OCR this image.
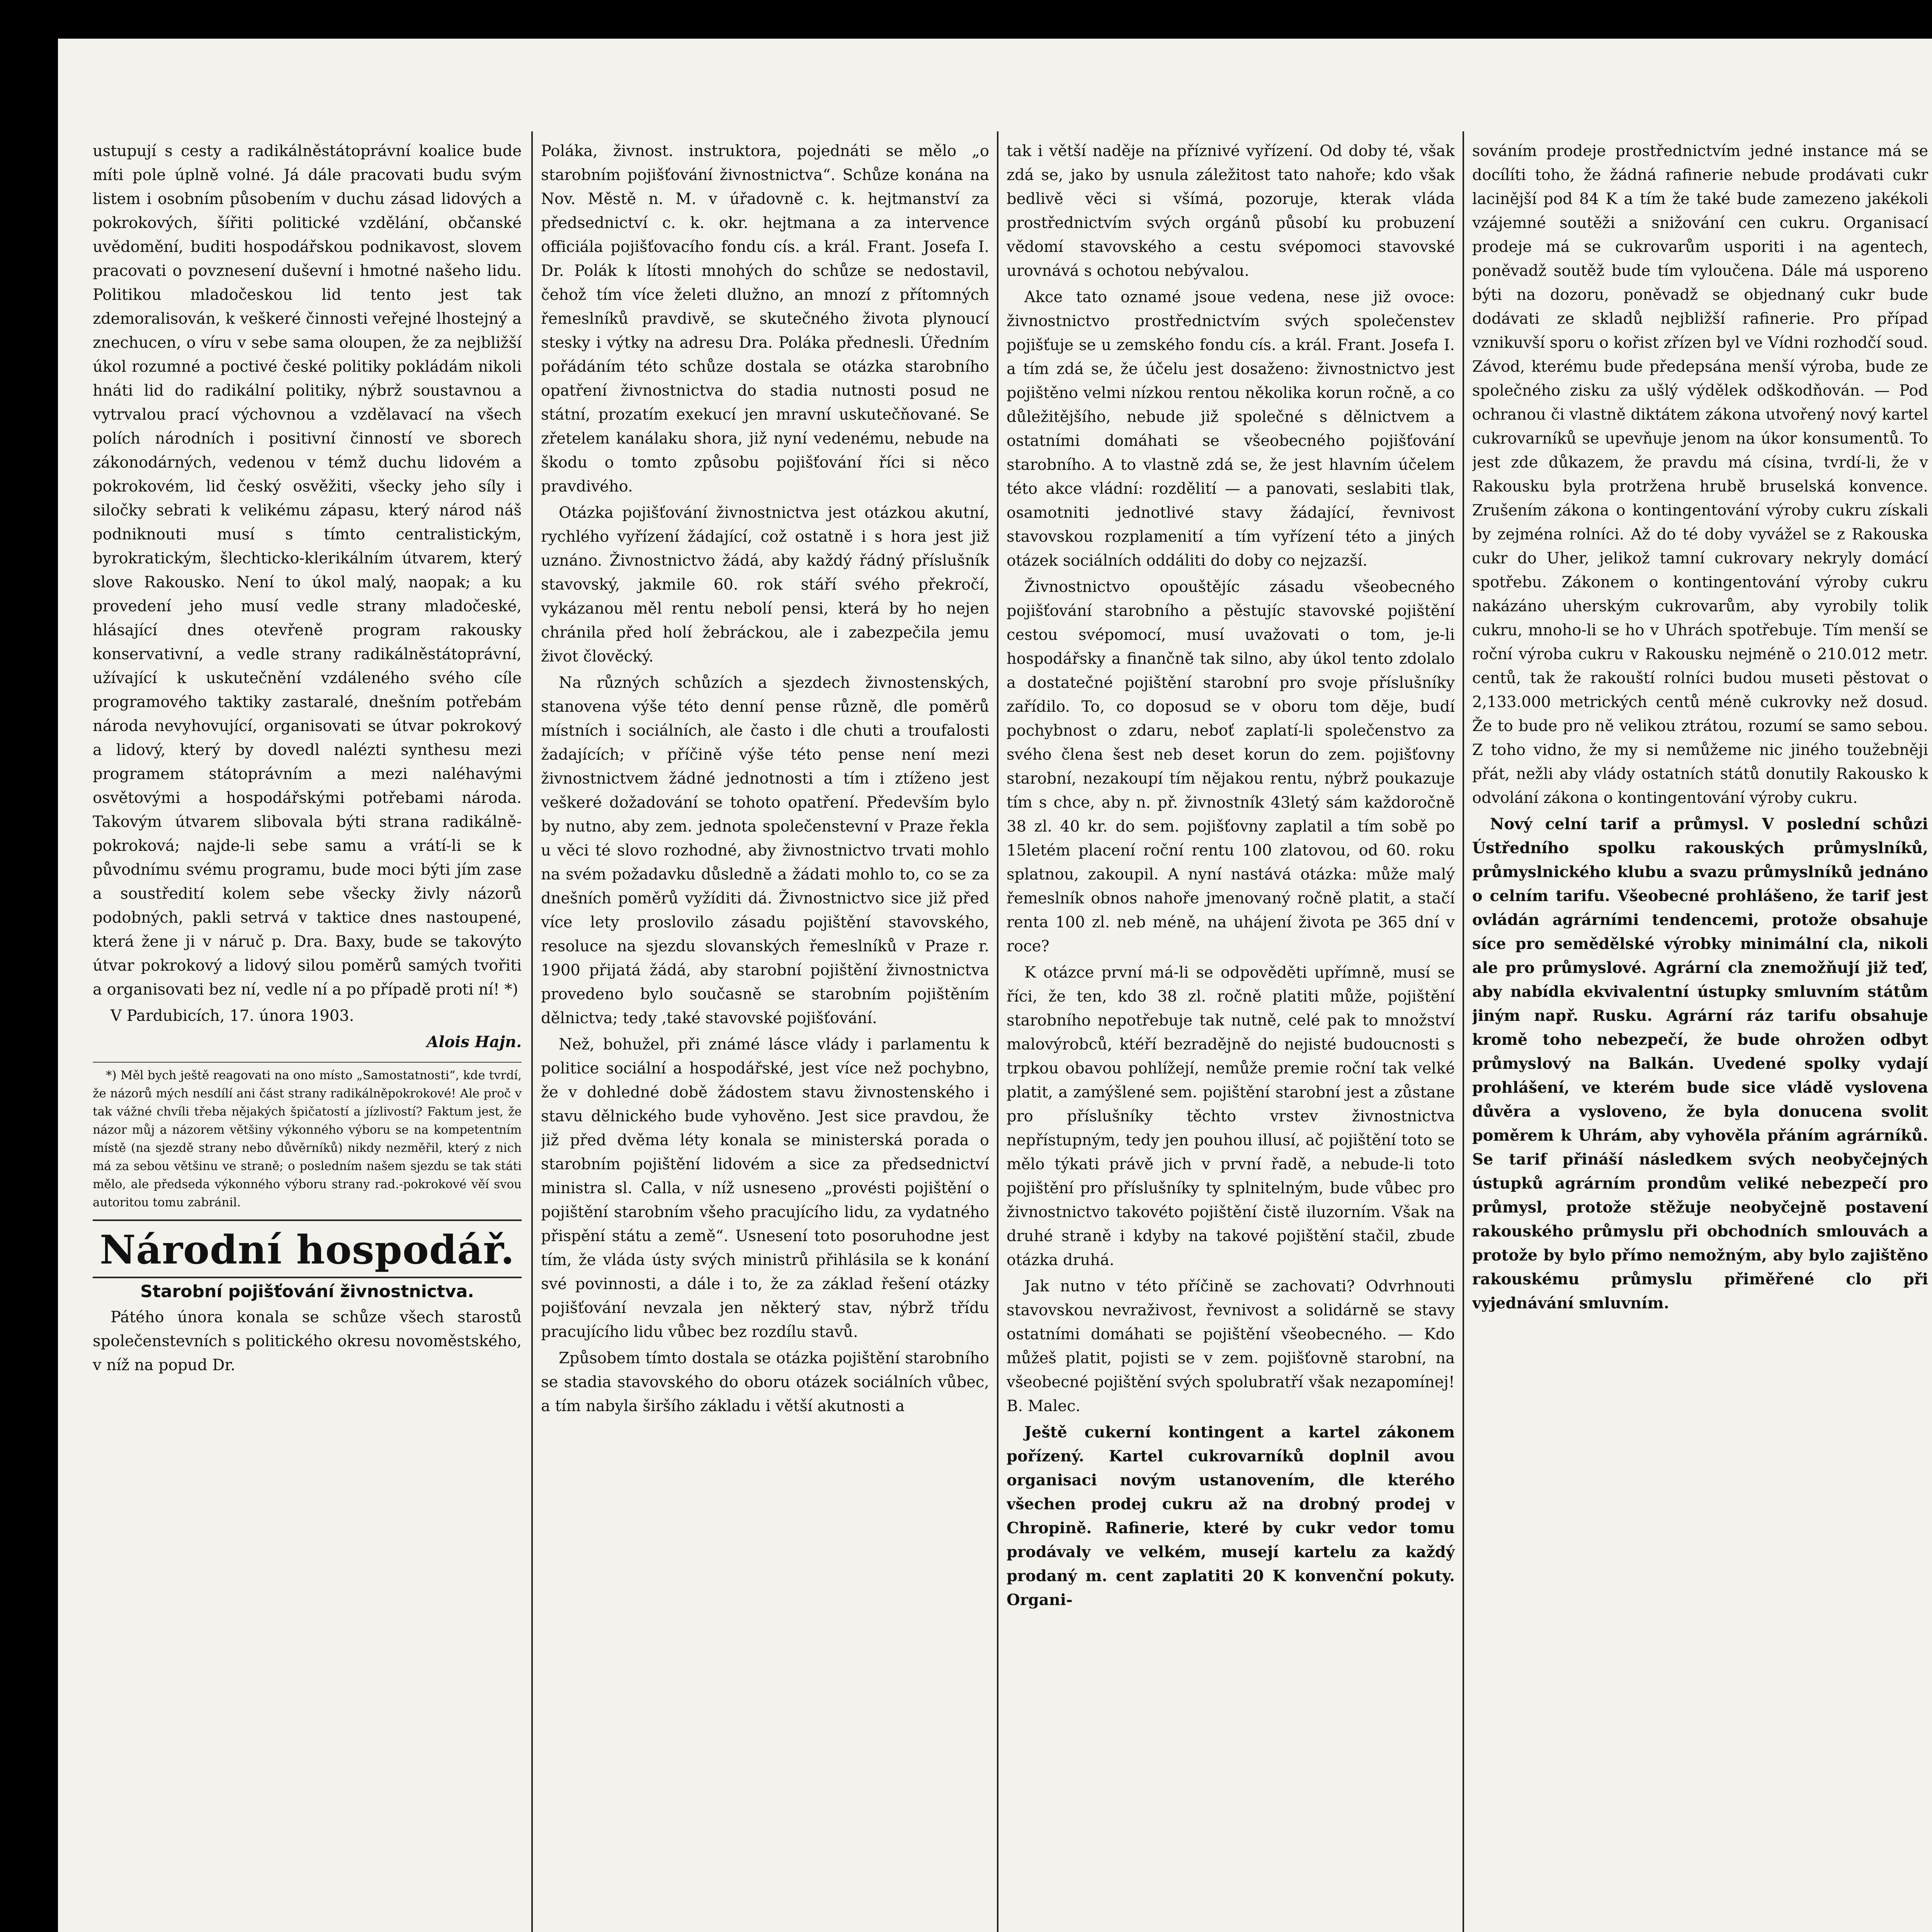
ustupují s cesty a radikálněstátoprávní koalice bude míti pole úplně volné. Já dále pracovati budu svým listem i osobním působením v duchu zásad lidových a pokrokových, šířiti politické vzdělání, občanské uvědomění, buditi hospodářskou podnikavost, slovem pracovati o povznesení duševní i hmotné našeho lidu. Politikou mladočeskou lid tento jest tak zdemoralisován, k veškeré činnosti veřejné lhostejný a znechucen, o víru v sebe sama oloupen, že za nejbližší úkol rozumné a poctivé české politiky pokládám nikoli hnáti lid do radikální politiky, nýbrž soustavnou a vytrvalou prací výchovnou a vzdělavací na všech polích národních i positivní činností ve sborech zákonodárných, vedenou v témž duchu lidovém a pokrokovém, lid český osvěžiti, všecky jeho síly i siločky sebrati k velikému zápasu, který národ náš podniknouti musí s tímto centralistickým, byrokratickým, šlechticko-klerikálním útvarem, který slove Rakousko. Není to úkol malý, naopak; a ku provedení jeho musí vedle strany mladočeské, hlásající dnes otevřeně program rakousky konservativní, a vedle strany radikálněstátoprávní, užívající k uskutečnění vzdáleného svého cíle programového taktiky zastaralé, dnešním potřebám národa nevyhovující, organisovati se útvar pokrokový a lidový, který by dovedl nalézti synthesu mezi programem státoprávním a mezi naléhavými osvětovými a hospodářskými potřebami národa. Takovým útvarem slibovala býti strana radikálně-pokroková; najde-li sebe samu a vrátí-li se k původnímu svému programu, bude moci býti jím zase a soustředití kolem sebe všecky živly názorů podobných, pakli setrvá v taktice dnes nastoupené, která žene ji v náruč p. Dra. Baxy, bude se takovýto útvar pokrokový a lidový silou poměrů samých tvořiti a organisovati bez ní, vedle ní a po případě proti ní! *)

V Pardubicích, 17. února 1903.

Alois Hajn.

*) Měl bych ještě reagovati na ono místo „Samostatnosti“, kde tvrdí, že názorů mých nesdílí ani část strany radikálněpokrokové! Ale proč v tak vážné chvíli třeba nějakých špičatostí a jízlivostí? Faktum jest, že názor můj a názorem většiny výkonného výboru se na komp​etentním místě (na sjezdě strany nebo důvěrníků) nikdy nezměřil, který z nich má za sebou většinu ve straně; o posledním našem sjezdu se tak státi mělo, ale předseda výkonného výboru strany rad.-pokrokové věí svou autoritou tomu zabránil.

Národní hospodář.
Starobní pojišťování živnostnictva.

Pátého února konala se schůze všech starostů společenstevních s politického okresu novoměstského, v níž na popud Dr.

Poláka, živnost. instruktora, pojednáti se mělo „o starobním pojišťování živnostnictva“. Schůze konána na Nov. Městě n. M. v úřadovně c. k. hejtmanství za předsednictví c. k. okr. hejtmana a za intervence officiála pojišťovacího fondu cís. a král. Frant. Josefa I. Dr. Polák k lítosti mnohých do schůze se nedostavil, čehož tím více želeti dlužno, an mnozí z přítomných řemeslníků pravdivě, se skutečného života plynoucí stesky i výtky na adresu Dra. Poláka přednesli. Úředním pořádáním této schůze dostala se otázka starobního opatření živnostnictva do stadia nutnosti posud ne státní, prozatím exekucí jen mravní uskutečňované. Se zřetelem kanálaku shora, již nyní vedenému, nebude na škodu o tomto způsobu pojišťování říci si něco pravdivého.

Otázka pojišťování živnostnictva jest otázkou akutní, rychlého vyřízení žádající, což ostatně i s hora jest již uznáno. Živnostnictvo žádá, aby každý řádný příslušník stavovský, jakmile 60. rok stáří svého překročí, vykázanou měl rentu nebolí pensi, která by ho nejen chránila před holí žebráckou, ale i zabezpečila jemu život člověcký.

Na různých schůzích a sjezdech živnostenských, stanovena výše této denní pense různě, dle poměrů místních i sociálních, ale často i dle chuti a troufalosti žadajících; v příčině výše této pense není mezi živnostnictvem žádné jednotnosti a tím i ztíženo jest veškeré dožadování se tohoto opatření. Především bylo by nutno, aby zem. jednota společenstevní v Praze řekla u věci té slovo rozhodné, aby živnostnictvo trvati mohlo na svém požadavku důsledně a žádati mohlo to, co se za dnešních poměrů vyžíditi dá. Živnostnictvo sice již před více lety proslovilo zásadu pojištění stavovského, resoluce na sjezdu slovanských řemeslníků v Praze r. 1900 přijatá žádá, aby starobní pojištění živnostnictva provedeno bylo současně se starobním pojištěním dělnictva; tedy ,také stavovské pojišťování.

Než, bohužel, při známé lásce vlády i parlamentu k politice sociální a hospodářské, jest více než pochybno, že v dohledné době žádostem stavu živnostenského i stavu dělnického bude vyhověno. Jest sice pravdou, že již před dvěma léty konala se ministerská porada o starobním pojištění lidovém a sice za předsednictví ministra sl. Calla, v níž usneseno „provésti pojištění o pojištění starobním všeho pracujícího lidu, za vydatného přispění státu a země“. Usnesení toto posoruhodne jest tím, že vláda ústy svých ministrů přihlásila se k konání své povinnosti, a dále i to, že za základ řešení otázky pojišťování nevzala jen některý stav, nýbrž třídu pracujícího lidu vůbec bez rozdílu stavů.

Způsobem tímto dostala se otázka pojištění starobního se stadia stavovského do oboru otázek sociálních vůbec, a tím nabyla širšího základu i větší akutnosti a

tak i větší naděje na příznivé vyřízení. Od doby té, však zdá se, jako by usnula záležitost tato nahoře; kdo však bedlivě věci si všímá, pozoruje, kterak vláda prostřednictvím svých orgánů působí ku probuzení vědomí stavovského a cestu svépomoci stavovské urovnává s ochotou nebývalou.

Akce tato oznamé jsoue vedena, nese již ovoce: živnostnictvo prostřednictvím svých společenstev pojišťuje se u zemského fondu cís. a král. Frant. Josefa I. a tím zdá se, že účelu jest dosaženo: živnostnictvo jest pojištěno velmi nízkou rentou několika korun ročně, a co důležitějšího, nebude již společné s dělnictvem a ostatními domáhati se všeobecného pojišťování starobního. A to vlastně zdá se, že jest hlavním účelem této akce vládní: rozdělití — a panovati, seslabiti tlak, osamotniti jednotlivé stavy žádající, řevnivost stavovskou rozplamenití a tím vyřízení této a jiných otázek sociálních oddáliti do doby co nejzazší.

Živnostnictvo opouštějíc zásadu všeobecného pojišťování starobního a pěstujíc stavovské pojištění cestou svépomocí, musí uvažovati o tom, je-li hospodářsky a finančně tak silno, aby úkol tento zdolalo a dostatečné pojištění starobní pro svoje příslušníky zařídilo. To, co doposud se v oboru tom děje, budí pochybnost o zdaru, neboť zaplatí-li společenstvo za svého člena šest neb deset korun do zem. pojišťovny starobní, nezakoupí tím nějakou rentu, nýbrž poukazuje tím s chce, aby n. př. živnostník 43letý sám každoročně 38 zl. 40 kr. do sem. pojišťovny zaplatil a tím sobě po 15letém placení roční rentu 100 zlatovou, od 60. roku splatnou, zakoupil. A nyní nastává otázka: může malý řemeslník obnos nahoře jmenovaný ročně platit, a stačí renta 100 zl. neb méně, na uhájení života pe 365 dní v roce?

K otázce první má-li se odpověděti upřímně, musí se říci, že ten, kdo 38 zl. ročně platiti může, pojištění starobního nepotřebuje tak nutně, celé pak to množství malovýrobců, ktéří bezradějně do nejisté budoucnosti s trpkou obavou pohlížejí, nemůže premie roční tak velké platit, a zamýšlené sem. pojištění starobní jest a zůstane pro příslušníky těchto vrstev živnostnictva nepřístupným, tedy jen pouhou illusí, ač pojištění toto se mělo týkati právě jich v první řadě, a nebude-li toto pojištění pro příslušníky ty splnitelným, bude vůbec pro živnostnictvo takovéto pojištění čistě iluzorním. Však na druhé straně i kdyby na takové pojištění stačil, zbude otázka druhá.

Jak nutno v této příčině se zachovati? Odvrhnouti stavovskou nevraživost, řevnivost a solidárně se stavy ostatními domáhati se pojištění všeobecného. — Kdo můžeš platit, pojisti se v zem. pojišťovně starobní, na všeobecné pojištění svých spolubratří však nezapomínej! B. Malec.

Ještě cukerní kontingent a kartel zákonem pořízený. Kartel cukrovarníků doplnil avou organisaci novým ustanovením, dle kterého všechen prodej cukru až na drobný prodej v Chropině. Rafinerie, které by cukr vedor tomu prodávaly ve velkém, musejí kartelu za každý prodaný m. cent zaplatiti 20 K konvenční pokuty. Organi-

sováním prodeje prostřednictvím jedné instance má se docílíti toho, že žádná rafinerie nebude prodávati cukr lacinější pod 84 K a tím že také bude zamezeno jakékoli vzájemné soutěži a snižování cen cukru. Organisací prodeje má se cukrovarům usporiti i na agentech, poněvadž soutěž bude tím vyloučena. Dále má usporeno býti na dozoru, poněvadž se objednaný cukr bude dodávati ze skladů nejbližší rafinerie. Pro případ vznikuvší sporu o kořist zřízen byl ve Vídni rozhodčí soud. Závod, kterému bude předepsána menší výroba, bude ze společného zisku za ušlý výdělek odškodňován. — Pod ochranou či vlastně diktátem zákona utvořený nový kartel cukrovarníků se upevňuje jenom na úkor konsumentů. To jest zde důkazem, že pravdu má císina, tvrdí-li, že v Rakousku byla protržena hrubě bruselská konvence. Zrušením zákona o kontingentování výroby cukru získali by zejména rolníci. Až do té doby vyvážel se z Rakouska cukr do Uher, jelikož tamní cukrovary nekryly domácí spotřebu. Zákonem o kontingentování výroby cukru nakázáno uherským cukrovarům, aby vyrobily tolik cukru, mnoho-li se ho v Uhrách spotřebuje. Tím menší se roční výroba cukru v Rakousku nejméně o 210.012 metr. centů, tak že rakouští rolníci budou museti pěstovat o 2,133.000 metrických centů méně cukrovky než dosud. Že to bude pro ně velikou ztrátou, rozumí se samo sebou. Z toho vidno, že my si nemůžeme nic jiného toužebněji přát, nežli aby vlády ostatních států donutily Rakousko k odvolání zákona o kontingentování výroby cukru.

Nový celní tarif a průmysl. V poslední schůzi Ústředního spolku rakouských průmyslníků, průmyslnického klubu a svazu průmyslníků jednáno o celním tarifu. Všeobecné prohlášeno, že tarif jest ovládán agrárními tendencemi, protože obsahuje síce pro semědělské výrobky minimální cla, nikoli ale pro průmyslové. Agrární cla znemožňují již teď, aby nabídla ekvivalentní ústupky smluvním státům jiným např. Rusku. Agrární ráz tarifu obsahuje kromě toho nebezpečí, že bude ohrožen odbyt průmyslový na Balkán. Uvedené spolky vydají prohlášení, ve kterém bude sice vládě vyslovena důvěra a vysloveno, že byla donucena svolit poměrem k Uhrám, aby vyhověla přáním agrárníků. Se tarif přináší následkem svých neobyčejných ústupků agrárním prondům veliké nebezpečí pro průmysl, protože stěžuje neobyčejně postavení rakouského průmyslu při obchodních smlouvách a protože by bylo přímo nemožným, aby bylo zajištěno rakouskému průmyslu přiměřené clo při vyjednávání smluvním.
